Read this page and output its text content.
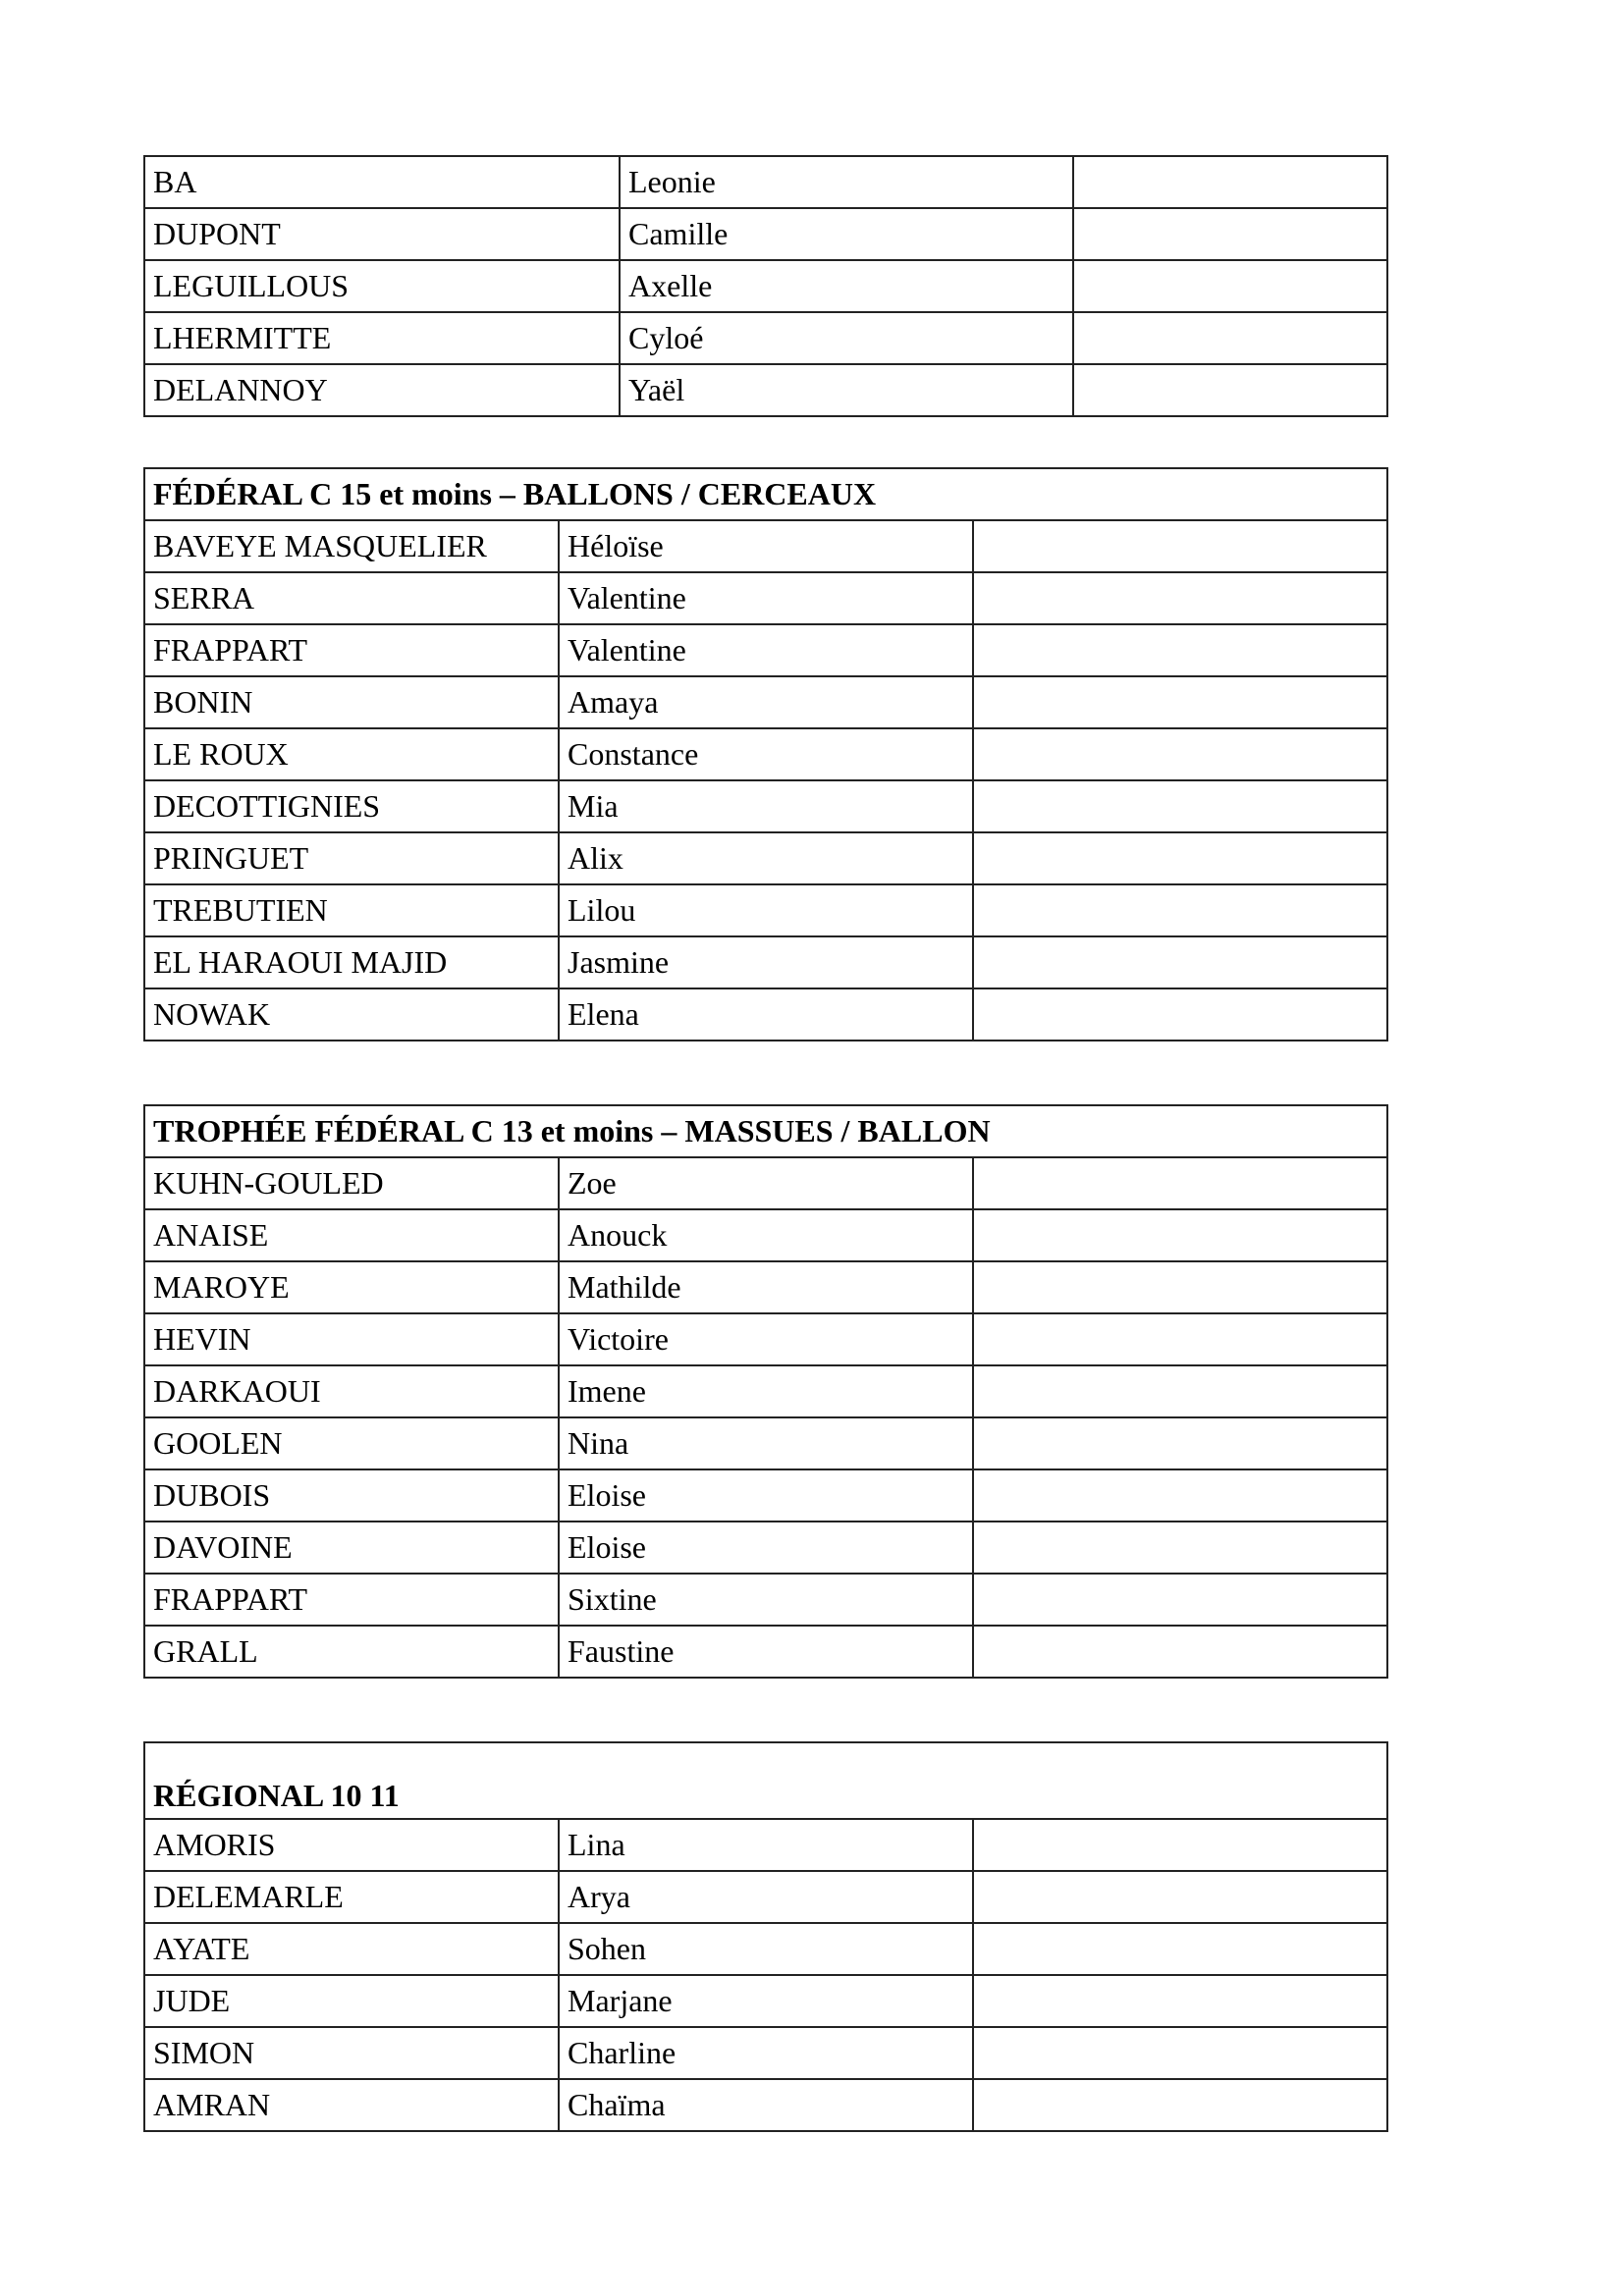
BA	Leonie	
DUPONT	Camille	
LEGUILLOUS	Axelle	
LHERMITTE	Cyloé	
DELANNOY	Yaël	
FÉDÉRAL C 15 et moins – BALLONS / CERCEAUX		
BAVEYE MASQUELIER	Héloïse	
SERRA	Valentine	
FRAPPART	Valentine	
BONIN	Amaya	
LE ROUX	Constance	
DECOTTIGNIES	Mia	
PRINGUET	Alix	
TREBUTIEN	Lilou	
EL HARAOUI MAJID	Jasmine	
NOWAK	Elena	
TROPHÉE FÉDÉRAL C 13 et moins – MASSUES / BALLON		
KUHN-GOULED	Zoe	
ANAISE	Anouck	
MAROYE	Mathilde	
HEVIN	Victoire	
DARKAOUI	Imene	
GOOLEN	Nina	
DUBOIS	Eloise	
DAVOINE	Eloise	
FRAPPART	Sixtine	
GRALL	Faustine	
RÉGIONAL 10 11		
AMORIS	Lina	
DELEMARLE	Arya	
AYATE	Sohen	
JUDE	Marjane	
SIMON	Charline	
AMRAN	Chaïma	
